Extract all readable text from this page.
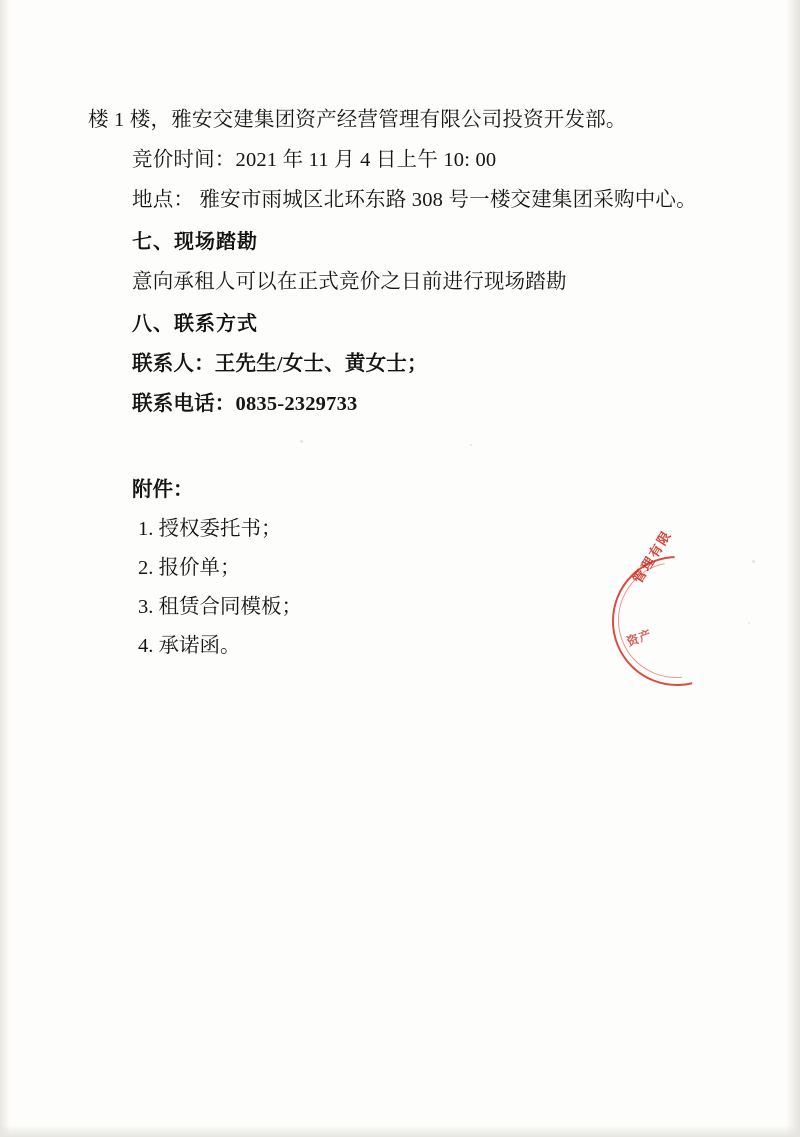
楼 1 楼，雅安交建集团资产经营管理有限公司投资开发部。
竞价时间：2021 年 11 月 4 日上午 10: 00
地点： 雅安市雨城区北环东路 308 号一楼交建集团采购中心。
七、现场踏勘
意向承租人可以在正式竞价之日前进行现场踏勘
八、联系方式
联系人：王先生/女士、黄女士；
联系电话：0835-2329733
附件：
1. 授权委托书；
2. 报价单；
3. 租赁合同模板；
4. 承诺函。
管理有限
资产
